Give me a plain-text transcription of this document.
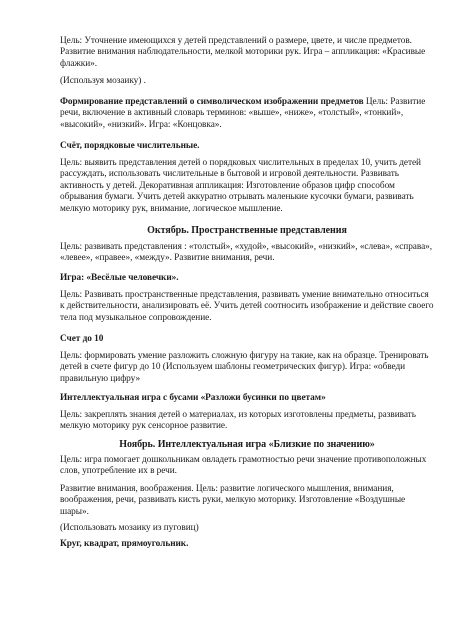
Цель: Уточнение имеющихся у детей представлений о размере, цвете, и числе предметов. Развитие внимания наблюдательности, мелкой моторики рук. Игра – аппликация: «Красивые флажки».

(Используя мозаику) .

Формирование представлений о символическом изображении предметов Цель: Развитие речи, включение в активный словарь терминов: «выше», «ниже», «толстый», «тонкий», «высокий», «низкий». Игра: «Концовка».

Счёт, порядковые числительные.

Цель: выявить представления детей о порядковых числительных в пределах 10, учить детей рассуждать, использовать числительные в бытовой и игровой деятельности. Развивать активность у детей. Декоративная аппликация: Изготовление образов цифр способом обрывания бумаги. Учить детей аккуратно отрывать маленькие кусочки бумаги, развивать мелкую моторику рук, внимание, логическое мышление.

Октябрь. Пространственные представления

Цель: развивать представления : «толстый», «худой», «высокий», «низкий», «слева», «справа», «левее», «правее», «между». Развитие внимания, речи.

Игра: «Весёлые человечки».

Цель: Развивать пространственные представления, развивать умение внимательно относиться к действительности, анализировать её. Учить детей соотносить изображение и действие своего тела под музыкальное сопровождение.

Счет до 10

Цель: формировать умение разложить сложную фигуру на такие, как на образце. Тренировать детей в счете фигур до 10 (Используем шаблоны геометрических фигур). Игра: «обведи правильную цифру»

Интеллектуальная игра с бусами «Разложи бусинки по цветам»

Цель: закреплять знания детей о материалах, из которых изготовлены предметы, развивать мелкую моторику рук сенсорное развитие.

Ноябрь. Интеллектуальная игра «Близкие по значению»

Цель: игра помогает дошкольникам овладеть грамотностью речи значение противоположных слов, употребление их в речи.

Развитие внимания, воображения. Цель: развитие логического мышления, внимания, воображения, речи, развивать кисть руки, мелкую моторику. Изготовление «Воздушные шары».

(Использовать мозаику из пуговиц)

Круг, квадрат, прямоугольник.
